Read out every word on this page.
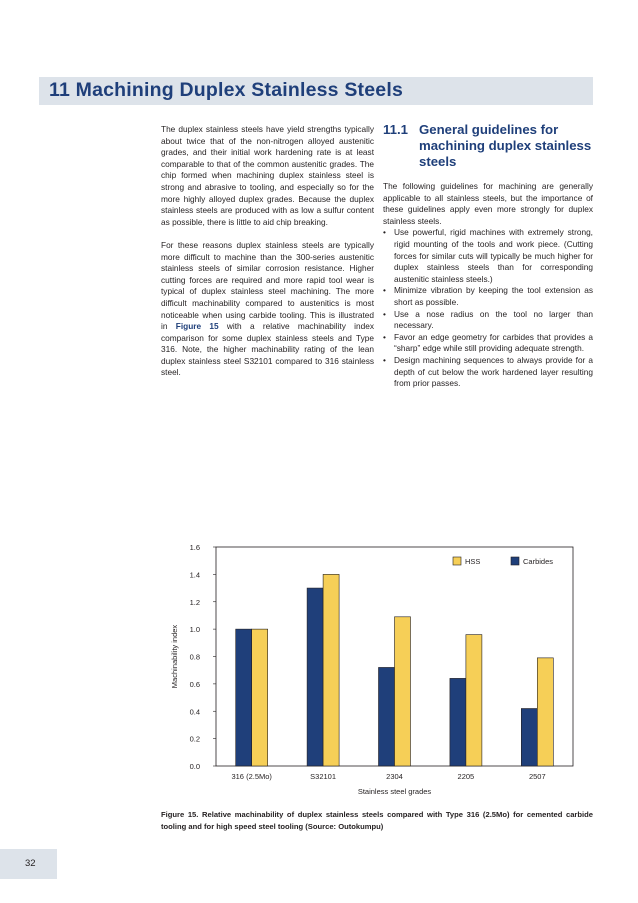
11 Machining Duplex Stainless Steels

The duplex stainless steels have yield strengths typically about twice that of the non-nitrogen alloyed austenitic grades, and their initial work hardening rate is at least comparable to that of the common austenitic grades. The chip formed when machining duplex stainless steel is strong and abrasive to tooling, and especially so for the more highly alloyed duplex grades. Because the duplex stainless steels are produced with as low a sulfur content as possible, there is little to aid chip breaking.

For these reasons duplex stainless steels are typically more difficult to machine than the 300-series austenitic stainless steels of similar corrosion resistance. Higher cutting forces are required and more rapid tool wear is typical of duplex stainless steel machining. The more difficult machinability compared to austenitics is most noticeable when using carbide tooling. This is illustrated in Figure 15 with a relative machinability index comparison for some duplex stainless steels and Type 316. Note, the higher machinability rating of the lean duplex stainless steel S32101 compared to 316 stainless steel.

11.1 General guidelines for machining duplex stainless steels

The following guidelines for machining are generally applicable to all stainless steels, but the importance of these guidelines apply even more strongly for duplex stainless steels.

• Use powerful, rigid machines with extremely strong, rigid mounting of the tools and work piece. (Cutting forces for similar cuts will typically be much higher for duplex stainless steels than for corresponding austenitic stainless steels.)
• Minimize vibration by keeping the tool extension as short as possible.
• Use a nose radius on the tool no larger than necessary.
• Favor an edge geometry for carbides that provides a “sharp” edge while still providing adequate strength.
• Design machining sequences to always provide for a depth of cut below the work hardened layer resulting from prior passes.
0.0
0.2
0.4
0.6
0.8
1.0
1.2
1.4
1.6
316 (2.5Mo)	S32101	2304	2205	2507
Stainless steel grades
Machinability index
HSS	Carbides

Figure 15. Relative machinability of duplex stainless steels compared with Type 316 (2.5Mo) for cemented carbide tooling and for high speed steel tooling (Source: Outokumpu)

32
